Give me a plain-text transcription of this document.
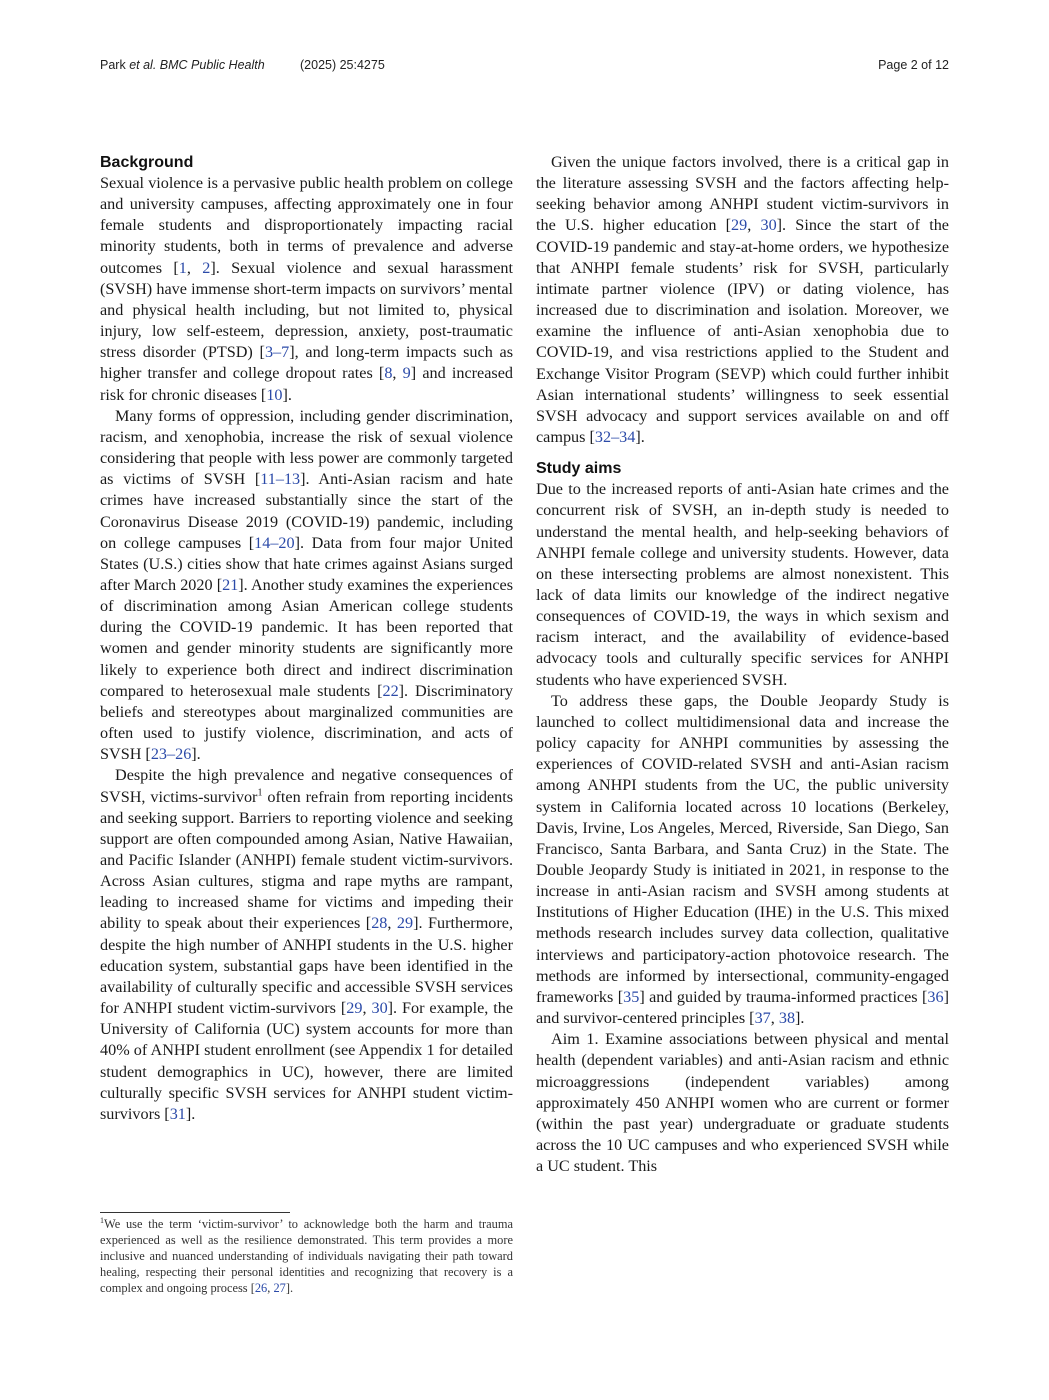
Park et al. BMC Public Health	(2025) 25:4275	Page 2 of 12
Background

Sexual violence is a pervasive public health problem on college and university campuses, affecting approximately one in four female students and disproportionately impacting racial minority students, both in terms of prevalence and adverse outcomes [1, 2]. Sexual violence and sexual harassment (SVSH) have immense short-term impacts on survivors’ mental and physical health including, but not limited to, physical injury, low self-esteem, depression, anxiety, post-traumatic stress disorder (PTSD) [3–7], and long-term impacts such as higher transfer and college dropout rates [8, 9] and increased risk for chronic diseases [10].

Many forms of oppression, including gender discrimination, racism, and xenophobia, increase the risk of sexual violence considering that people with less power are commonly targeted as victims of SVSH [11–13]. Anti-Asian racism and hate crimes have increased substantially since the start of the Coronavirus Disease 2019 (COVID-19) pandemic, including on college campuses [14–20]. Data from four major United States (U.S.) cities show that hate crimes against Asians surged after March 2020 [21]. Another study examines the experiences of discrimination among Asian American college students during the COVID-19 pandemic. It has been reported that women and gender minority students are significantly more likely to experience both direct and indirect discrimination compared to heterosexual male students [22]. Discriminatory beliefs and stereotypes about marginalized communities are often used to justify violence, discrimination, and acts of SVSH [23–26].

Despite the high prevalence and negative consequences of SVSH, victims-survivor$^1$ often refrain from reporting incidents and seeking support. Barriers to reporting violence and seeking support are often compounded among Asian, Native Hawaiian, and Pacific Islander (ANHPI) female student victim-survivors. Across Asian cultures, stigma and rape myths are rampant, leading to increased shame for victims and impeding their ability to speak about their experiences [28, 29]. Furthermore, despite the high number of ANHPI students in the U.S. higher education system, substantial gaps have been identified in the availability of culturally specific and accessible SVSH services for ANHPI student victim-survivors [29, 30]. For example, the University of California (UC) system accounts for more than 40% of ANHPI student enrollment (see Appendix 1 for detailed student demographics in UC), however, there are limited culturally specific SVSH services for ANHPI student victim-survivors [31].

Given the unique factors involved, there is a critical gap in the literature assessing SVSH and the factors affecting help-seeking behavior among ANHPI student victim-survivors in the U.S. higher education [29, 30]. Since the start of the COVID-19 pandemic and stay-at-home orders, we hypothesize that ANHPI female students’ risk for SVSH, particularly intimate partner violence (IPV) or dating violence, has increased due to discrimination and isolation. Moreover, we examine the influence of anti-Asian xenophobia due to COVID-19, and visa restrictions applied to the Student and Exchange Visitor Program (SEVP) which could further inhibit Asian international students’ willingness to seek essential SVSH advocacy and support services available on and off campus [32–34].

Study aims

Due to the increased reports of anti-Asian hate crimes and the concurrent risk of SVSH, an in-depth study is needed to understand the mental health, and help-seeking behaviors of ANHPI female college and university students. However, data on these intersecting problems are almost nonexistent. This lack of data limits our knowledge of the indirect negative consequences of COVID-19, the ways in which sexism and racism interact, and the availability of evidence-based advocacy tools and culturally specific services for ANHPI students who have experienced SVSH.

To address these gaps, the Double Jeopardy Study is launched to collect multidimensional data and increase the policy capacity for ANHPI communities by assessing the experiences of COVID-related SVSH and anti-Asian racism among ANHPI students from the UC, the public university system in California located across 10 locations (Berkeley, Davis, Irvine, Los Angeles, Merced, Riverside, San Diego, San Francisco, Santa Barbara, and Santa Cruz) in the State. The Double Jeopardy Study is initiated in 2021, in response to the increase in anti-Asian racism and SVSH among students at Institutions of Higher Education (IHE) in the U.S. This mixed methods research includes survey data collection, qualitative interviews and participatory-action photovoice research. The methods are informed by intersectional, community-engaged frameworks [35] and guided by trauma-informed practices [36] and survivor-centered principles [37, 38].

Aim 1. Examine associations between physical and mental health (dependent variables) and anti-Asian racism and ethnic microaggressions (independent variables) among approximately 450 ANHPI women who are current or former (within the past year) undergraduate or graduate students across the 10 UC campuses and who experienced SVSH while a UC student. This

$^1$We use the term ‘victim-survivor’ to acknowledge both the harm and trauma experienced as well as the resilience demonstrated. This term provides a more inclusive and nuanced understanding of individuals navigating their path toward healing, respecting their personal identities and recognizing that recovery is a complex and ongoing process [26, 27].
